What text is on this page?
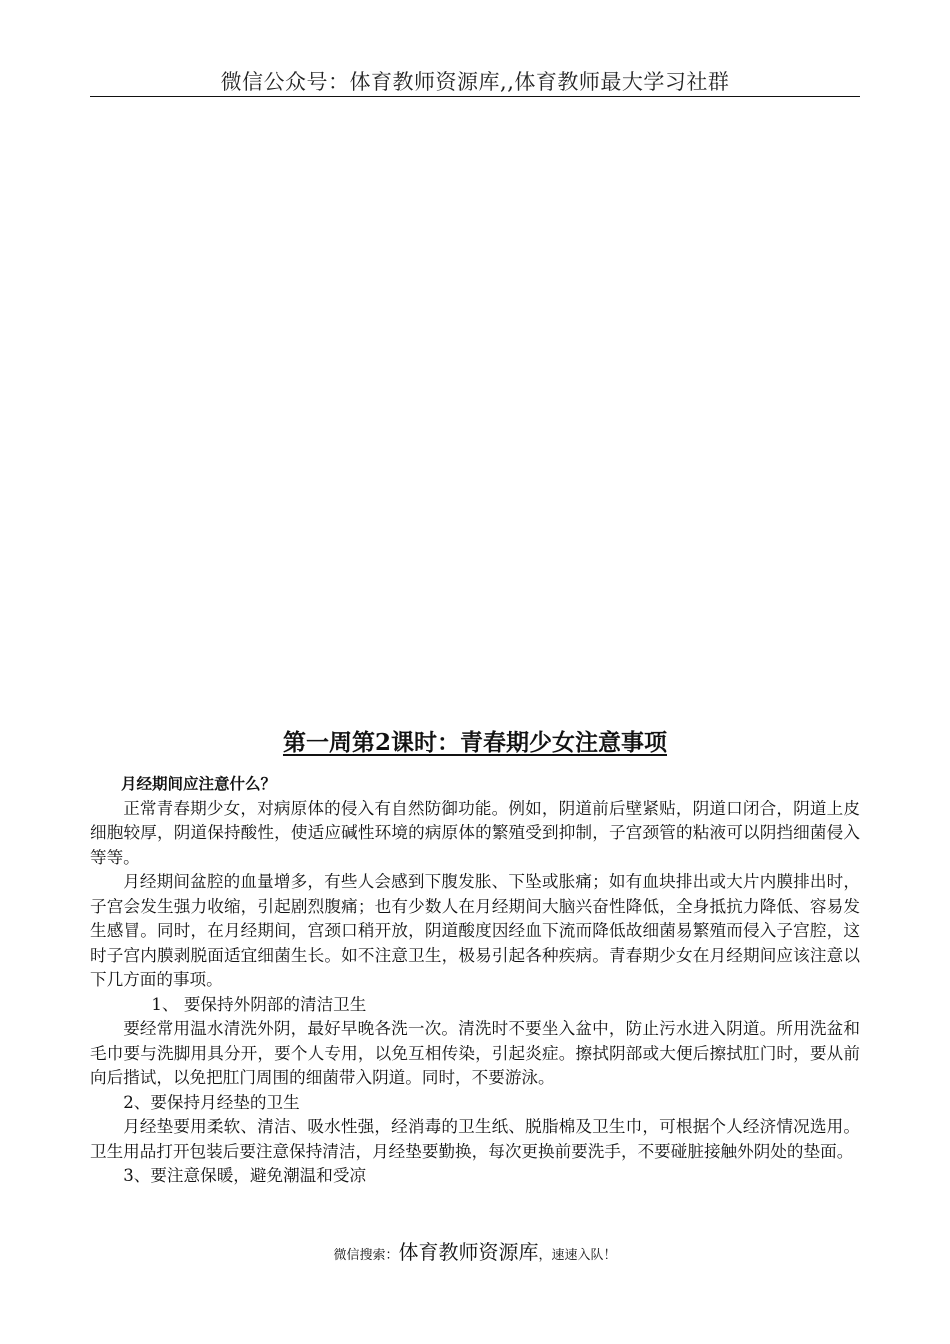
微信公众号：体育教师资源库,,体育教师最大学习社群
第一周第2课时：青春期少女注意事项

月经期间应注意什么？

正常青春期少女，对病原体的侵入有自然防御功能。例如，阴道前后壁紧贴，阴道口闭合，阴道上皮细胞较厚，阴道保持酸性，使适应碱性环境的病原体的繁殖受到抑制，子宫颈管的粘液可以阴挡细菌侵入等等。

月经期间盆腔的血量增多，有些人会感到下腹发胀、下坠或胀痛；如有血块排出或大片内膜排出时，子宫会发生强力收缩，引起剧烈腹痛；也有少数人在月经期间大脑兴奋性降低，全身抵抗力降低、容易发生感冒。同时，在月经期间，宫颈口稍开放，阴道酸度因经血下流而降低故细菌易繁殖而侵入子宫腔，这时子宫内膜剥脱面适宜细菌生长。如不注意卫生，极易引起各种疾病。青春期少女在月经期间应该注意以下几方面的事项。

1、 要保持外阴部的清洁卫生

要经常用温水清洗外阴，最好早晚各洗一次。清洗时不要坐入盆中，防止污水进入阴道。所用洗盆和毛巾要与洗脚用具分开，要个人专用，以免互相传染，引起炎症。擦拭阴部或大便后擦拭肛门时，要从前向后揩试，以免把肛门周围的细菌带入阴道。同时，不要游泳。

2、要保持月经垫的卫生

月经垫要用柔软、清洁、吸水性强，经消毒的卫生纸、脱脂棉及卫生巾，可根据个人经济情况选用。卫生用品打开包装后要注意保持清洁，月经垫要勤换，每次更换前要洗手，不要碰脏接触外阴处的垫面。

3、要注意保暖，避免潮温和受凉

微信搜索：体育教师资源库，速速入队！
